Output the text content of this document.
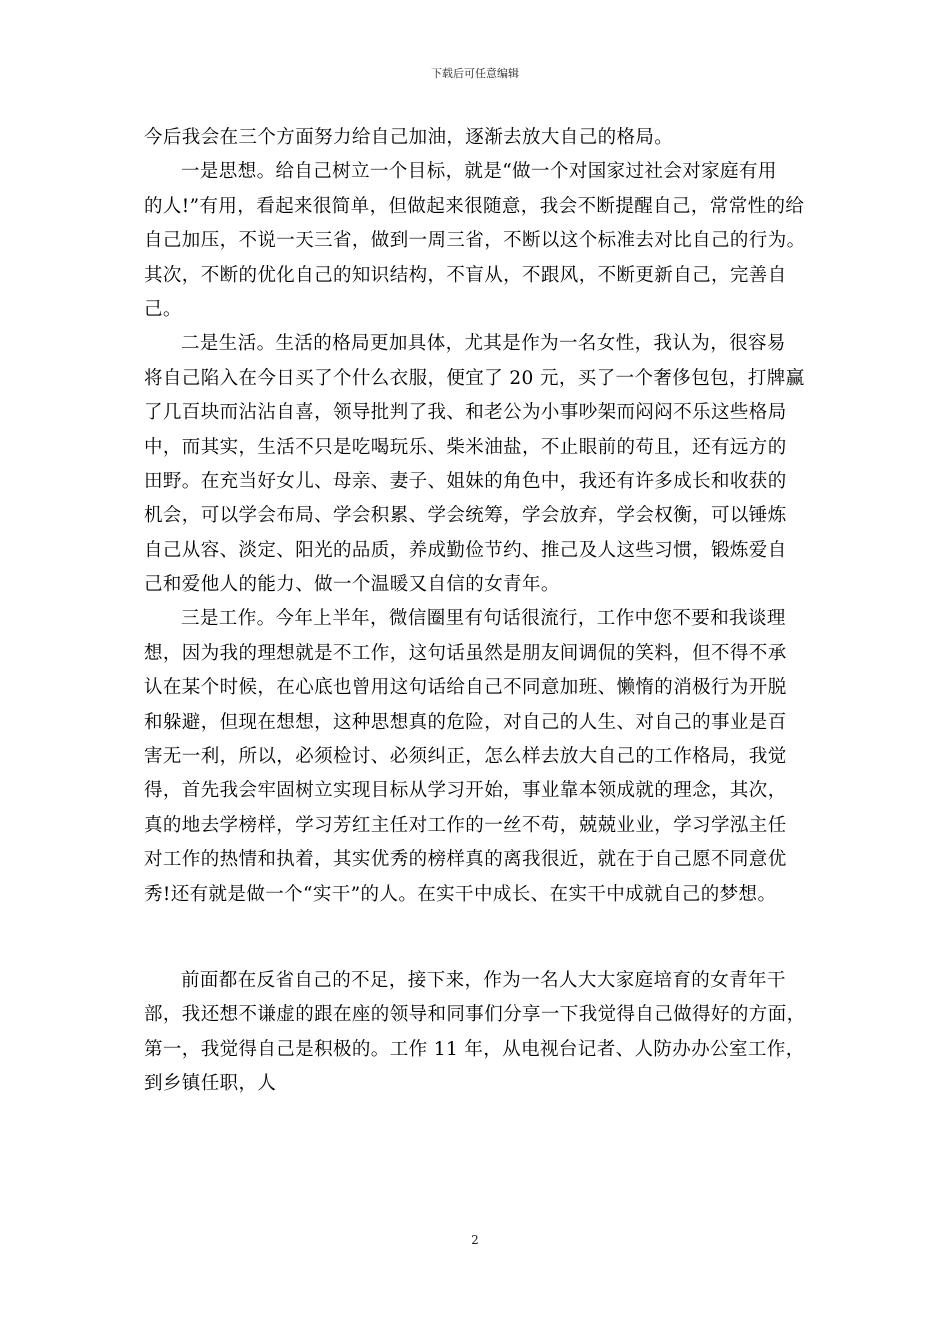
下载后可任意编辑
今后我会在三个方面努力给自己加油，逐渐去放大自己的格局。
一是思想。给自己树立一个目标，就是“做一个对国家过社会对家庭有用
的人!”有用，看起来很简单，但做起来很随意，我会不断提醒自己，常常性的给
自己加压，不说一天三省，做到一周三省，不断以这个标准去对比自己的行为。
其次，不断的优化自己的知识结构，不盲从，不跟风，不断更新自己，完善自
己。
二是生活。生活的格局更加具体，尤其是作为一名女性，我认为，很容易
将自己陷入在今日买了个什么衣服，便宜了 20 元，买了一个奢侈包包，打牌赢
了几百块而沾沾自喜，领导批判了我、和老公为小事吵架而闷闷不乐这些格局
中，而其实，生活不只是吃喝玩乐、柴米油盐，不止眼前的苟且，还有远方的
田野。在充当好女儿、母亲、妻子、姐妹的角色中，我还有许多成长和收获的
机会，可以学会布局、学会积累、学会统筹，学会放弃，学会权衡，可以锤炼
自己从容、淡定、阳光的品质，养成勤俭节约、推己及人这些习惯，锻炼爱自
己和爱他人的能力、做一个温暖又自信的女青年。
三是工作。今年上半年，微信圈里有句话很流行，工作中您不要和我谈理
想，因为我的理想就是不工作，这句话虽然是朋友间调侃的笑料，但不得不承
认在某个时候，在心底也曾用这句话给自己不同意加班、懒惰的消极行为开脱
和躲避，但现在想想，这种思想真的危险，对自己的人生、对自己的事业是百
害无一利，所以，必须检讨、必须纠正，怎么样去放大自己的工作格局，我觉
得，首先我会牢固树立实现目标从学习开始，事业靠本领成就的理念，其次，
真的地去学榜样，学习芳红主任对工作的一丝不苟，兢兢业业，学习学泓主任
对工作的热情和执着，其实优秀的榜样真的离我很近，就在于自己愿不同意优
秀!还有就是做一个“实干”的人。在实干中成长、在实干中成就自己的梦想。
前面都在反省自己的不足，接下来，作为一名人大大家庭培育的女青年干
部，我还想不谦虚的跟在座的领导和同事们分享一下我觉得自己做得好的方面，
第一，我觉得自己是积极的。工作 11 年，从电视台记者、人防办办公室工作，
到乡镇任职，人
2
